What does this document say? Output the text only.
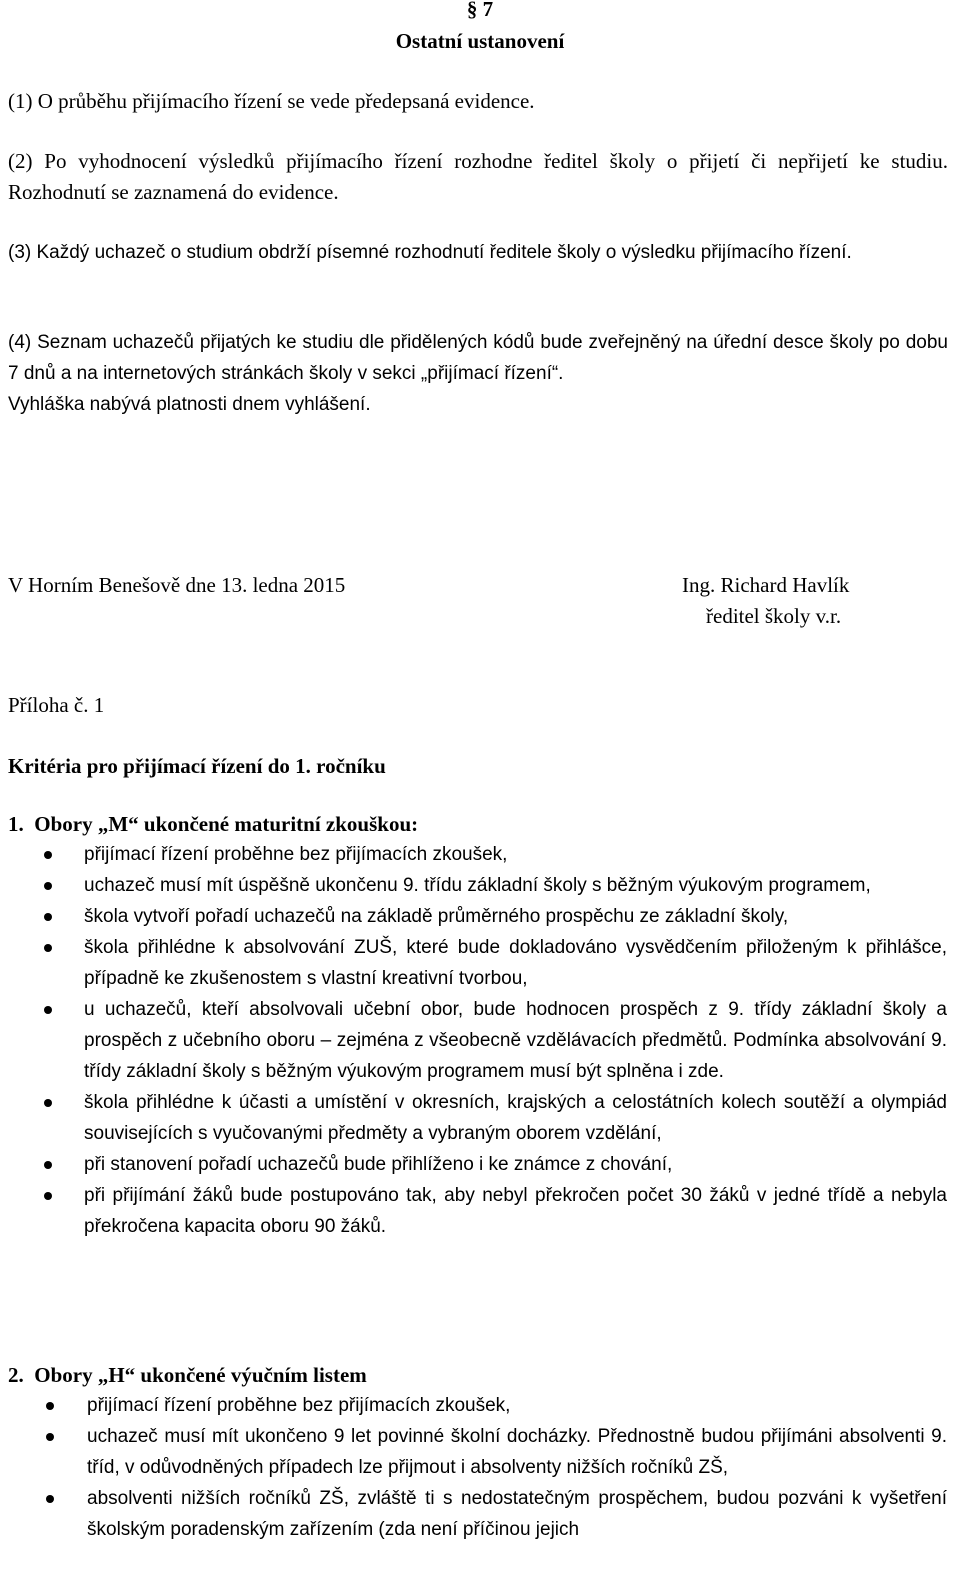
§ 7
Ostatní ustanovení

(1) O průběhu přijímacího řízení se vede předepsaná evidence.

(2) Po vyhodnocení výsledků přijímacího řízení rozhodne ředitel školy o přijetí či nepřijetí ke studiu. Rozhodnutí se zaznamená do evidence.

(3) Každý uchazeč o studium obdrží písemné rozhodnutí ředitele školy o výsledku přijímacího řízení.

(4) Seznam uchazečů přijatých ke studiu dle přidělených kódů bude zveřejněný na úřední desce školy po dobu 7 dnů a na internetových stránkách školy v sekci „přijímací řízení“.

Vyhláška nabývá platnosti dnem vyhlášení.

V Horním Benešově dne 13. ledna 2015	Ing. Richard Havlík

ředitel školy v.r.

Příloha č. 1

Kritéria pro přijímací řízení do 1. ročníku

1.  Obory „M“ ukončené maturitní zkouškou:

přijímací řízení proběhne bez přijímacích zkoušek,
uchazeč musí mít úspěšně ukončenu 9. třídu základní školy s běžným výukovým programem,
škola vytvoří pořadí uchazečů na základě průměrného prospěchu ze základní školy,
škola přihlédne k absolvování ZUŠ, které bude dokladováno vysvědčením přiloženým k přihlášce, případně ke zkušenostem s vlastní kreativní tvorbou,
u uchazečů, kteří absolvovali učební obor, bude hodnocen prospěch z 9. třídy základní školy a prospěch z učebního oboru – zejména z všeobecně vzdělávacích předmětů. Podmínka absolvování 9. třídy základní školy s běžným výukovým programem musí být splněna i zde.
škola přihlédne k účasti a umístění v okresních, krajských a celostátních kolech soutěží a olympiád souvisejících s vyučovanými předměty a vybraným oborem vzdělání,
při stanovení pořadí uchazečů bude přihlíženo i ke známce z chování,
při přijímání žáků bude postupováno tak, aby nebyl překročen počet 30 žáků v jedné třídě a nebyla překročena kapacita oboru 90 žáků.

2.  Obory „H“ ukončené výučním listem

přijímací řízení proběhne bez přijímacích zkoušek,
uchazeč musí mít ukončeno 9 let povinné školní docházky. Přednostně budou přijímáni absolventi 9. tříd, v odůvodněných případech lze přijmout i absolventy nižších ročníků ZŠ,
absolventi nižších ročníků ZŠ, zvláště ti s nedostatečným prospěchem, budou pozváni k vyšetření školským poradenským zařízením (zda není příčinou jejich
